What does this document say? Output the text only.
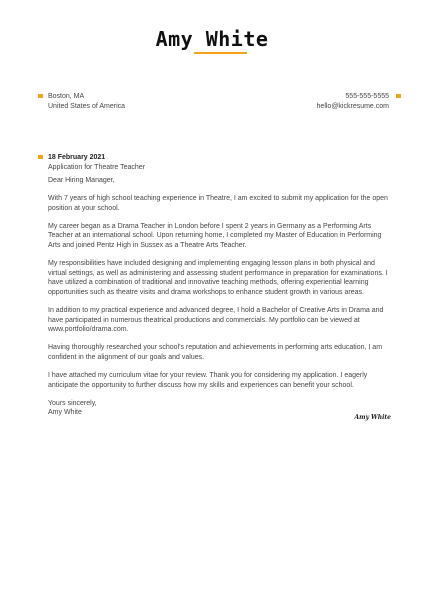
Amy White
Boston, MA
United States of America
555-555-5555
hello@kickresume.com
18 February 2021
Application for Theatre Teacher

Dear Hiring Manager,

With 7 years of high school teaching experience in Theatre, I am excited to submit my application for the open position at your school.

My career began as a Drama Teacher in London before I spent 2 years in Germany as a Performing Arts Teacher at an international school. Upon returning home, I completed my Master of Education in Performing Arts and joined Pentz High in Sussex as a Theatre Arts Teacher.

My responsibilities have included designing and implementing engaging lesson plans in both physical and virtual settings, as well as administering and assessing student performance in preparation for examinations. I have utilized a combination of traditional and innovative teaching methods, offering experiential learning opportunities such as theatre visits and drama workshops to enhance student growth in various areas.

In addition to my practical experience and advanced degree, I hold a Bachelor of Creative Arts in Drama and have participated in numerous theatrical productions and commercials. My portfolio can be viewed at www.portfolio/drama.com.

Having thoroughly researched your school's reputation and achievements in performing arts education, I am confident in the alignment of our goals and values.

I have attached my curriculum vitae for your review. Thank you for considering my application. I eagerly anticipate the opportunity to further discuss how my skills and experiences can benefit your school.

Yours sincerely,
Amy White
Amy White
